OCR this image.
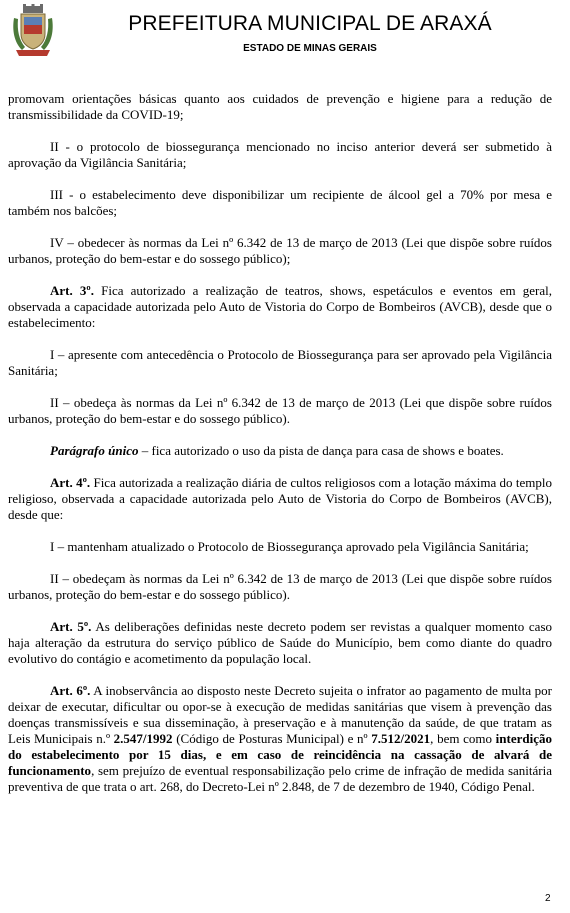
PREFEITURA MUNICIPAL DE ARAXÁ
ESTADO DE MINAS GERAIS

promovam orientações básicas quanto aos cuidados de prevenção e higiene para a redução de transmissibilidade da COVID-19;

II - o protocolo de biossegurança mencionado no inciso anterior deverá ser submetido à aprovação da Vigilância Sanitária;

III - o estabelecimento deve disponibilizar um recipiente de álcool gel a 70% por mesa e também nos balcões;

IV – obedecer às normas da Lei nº 6.342 de 13 de março de 2013 (Lei que dispõe sobre ruídos urbanos, proteção do bem-estar e do sossego público);

Art. 3º. Fica autorizado a realização de teatros, shows, espetáculos e eventos em geral, observada a capacidade autorizada pelo Auto de Vistoria do Corpo de Bombeiros (AVCB), desde que o estabelecimento:

I – apresente com antecedência o Protocolo de Biossegurança para ser aprovado pela Vigilância Sanitária;

II – obedeça às normas da Lei nº 6.342 de 13 de março de 2013 (Lei que dispõe sobre ruídos urbanos, proteção do bem-estar e do sossego público).

Parágrafo único – fica autorizado o uso da pista de dança para casa de shows e boates.

Art. 4º. Fica autorizada a realização diária de cultos religiosos com a lotação máxima do templo religioso, observada a capacidade autorizada pelo Auto de Vistoria do Corpo de Bombeiros (AVCB), desde que:

I – mantenham atualizado o Protocolo de Biossegurança aprovado pela Vigilância Sanitária;

II – obedeçam às normas da Lei nº 6.342 de 13 de março de 2013 (Lei que dispõe sobre ruídos urbanos, proteção do bem-estar e do sossego público).

Art. 5º. As deliberações definidas neste decreto podem ser revistas a qualquer momento caso haja alteração da estrutura do serviço público de Saúde do Município, bem como diante do quadro evolutivo do contágio e acometimento da população local.

Art. 6º. A inobservância ao disposto neste Decreto sujeita o infrator ao pagamento de multa por deixar de executar, dificultar ou opor-se à execução de medidas sanitárias que visem à prevenção das doenças transmissíveis e sua disseminação, à preservação e à manutenção da saúde, de que tratam as Leis Municipais n.º 2.547/1992 (Código de Posturas Municipal) e nº 7.512/2021, bem como interdição do estabelecimento por 15 dias, e em caso de reincidência na cassação de alvará de funcionamento, sem prejuízo de eventual responsabilização pelo crime de infração de medida sanitária preventiva de que trata o art. 268, do Decreto-Lei nº 2.848, de 7 de dezembro de 1940, Código Penal.

2
